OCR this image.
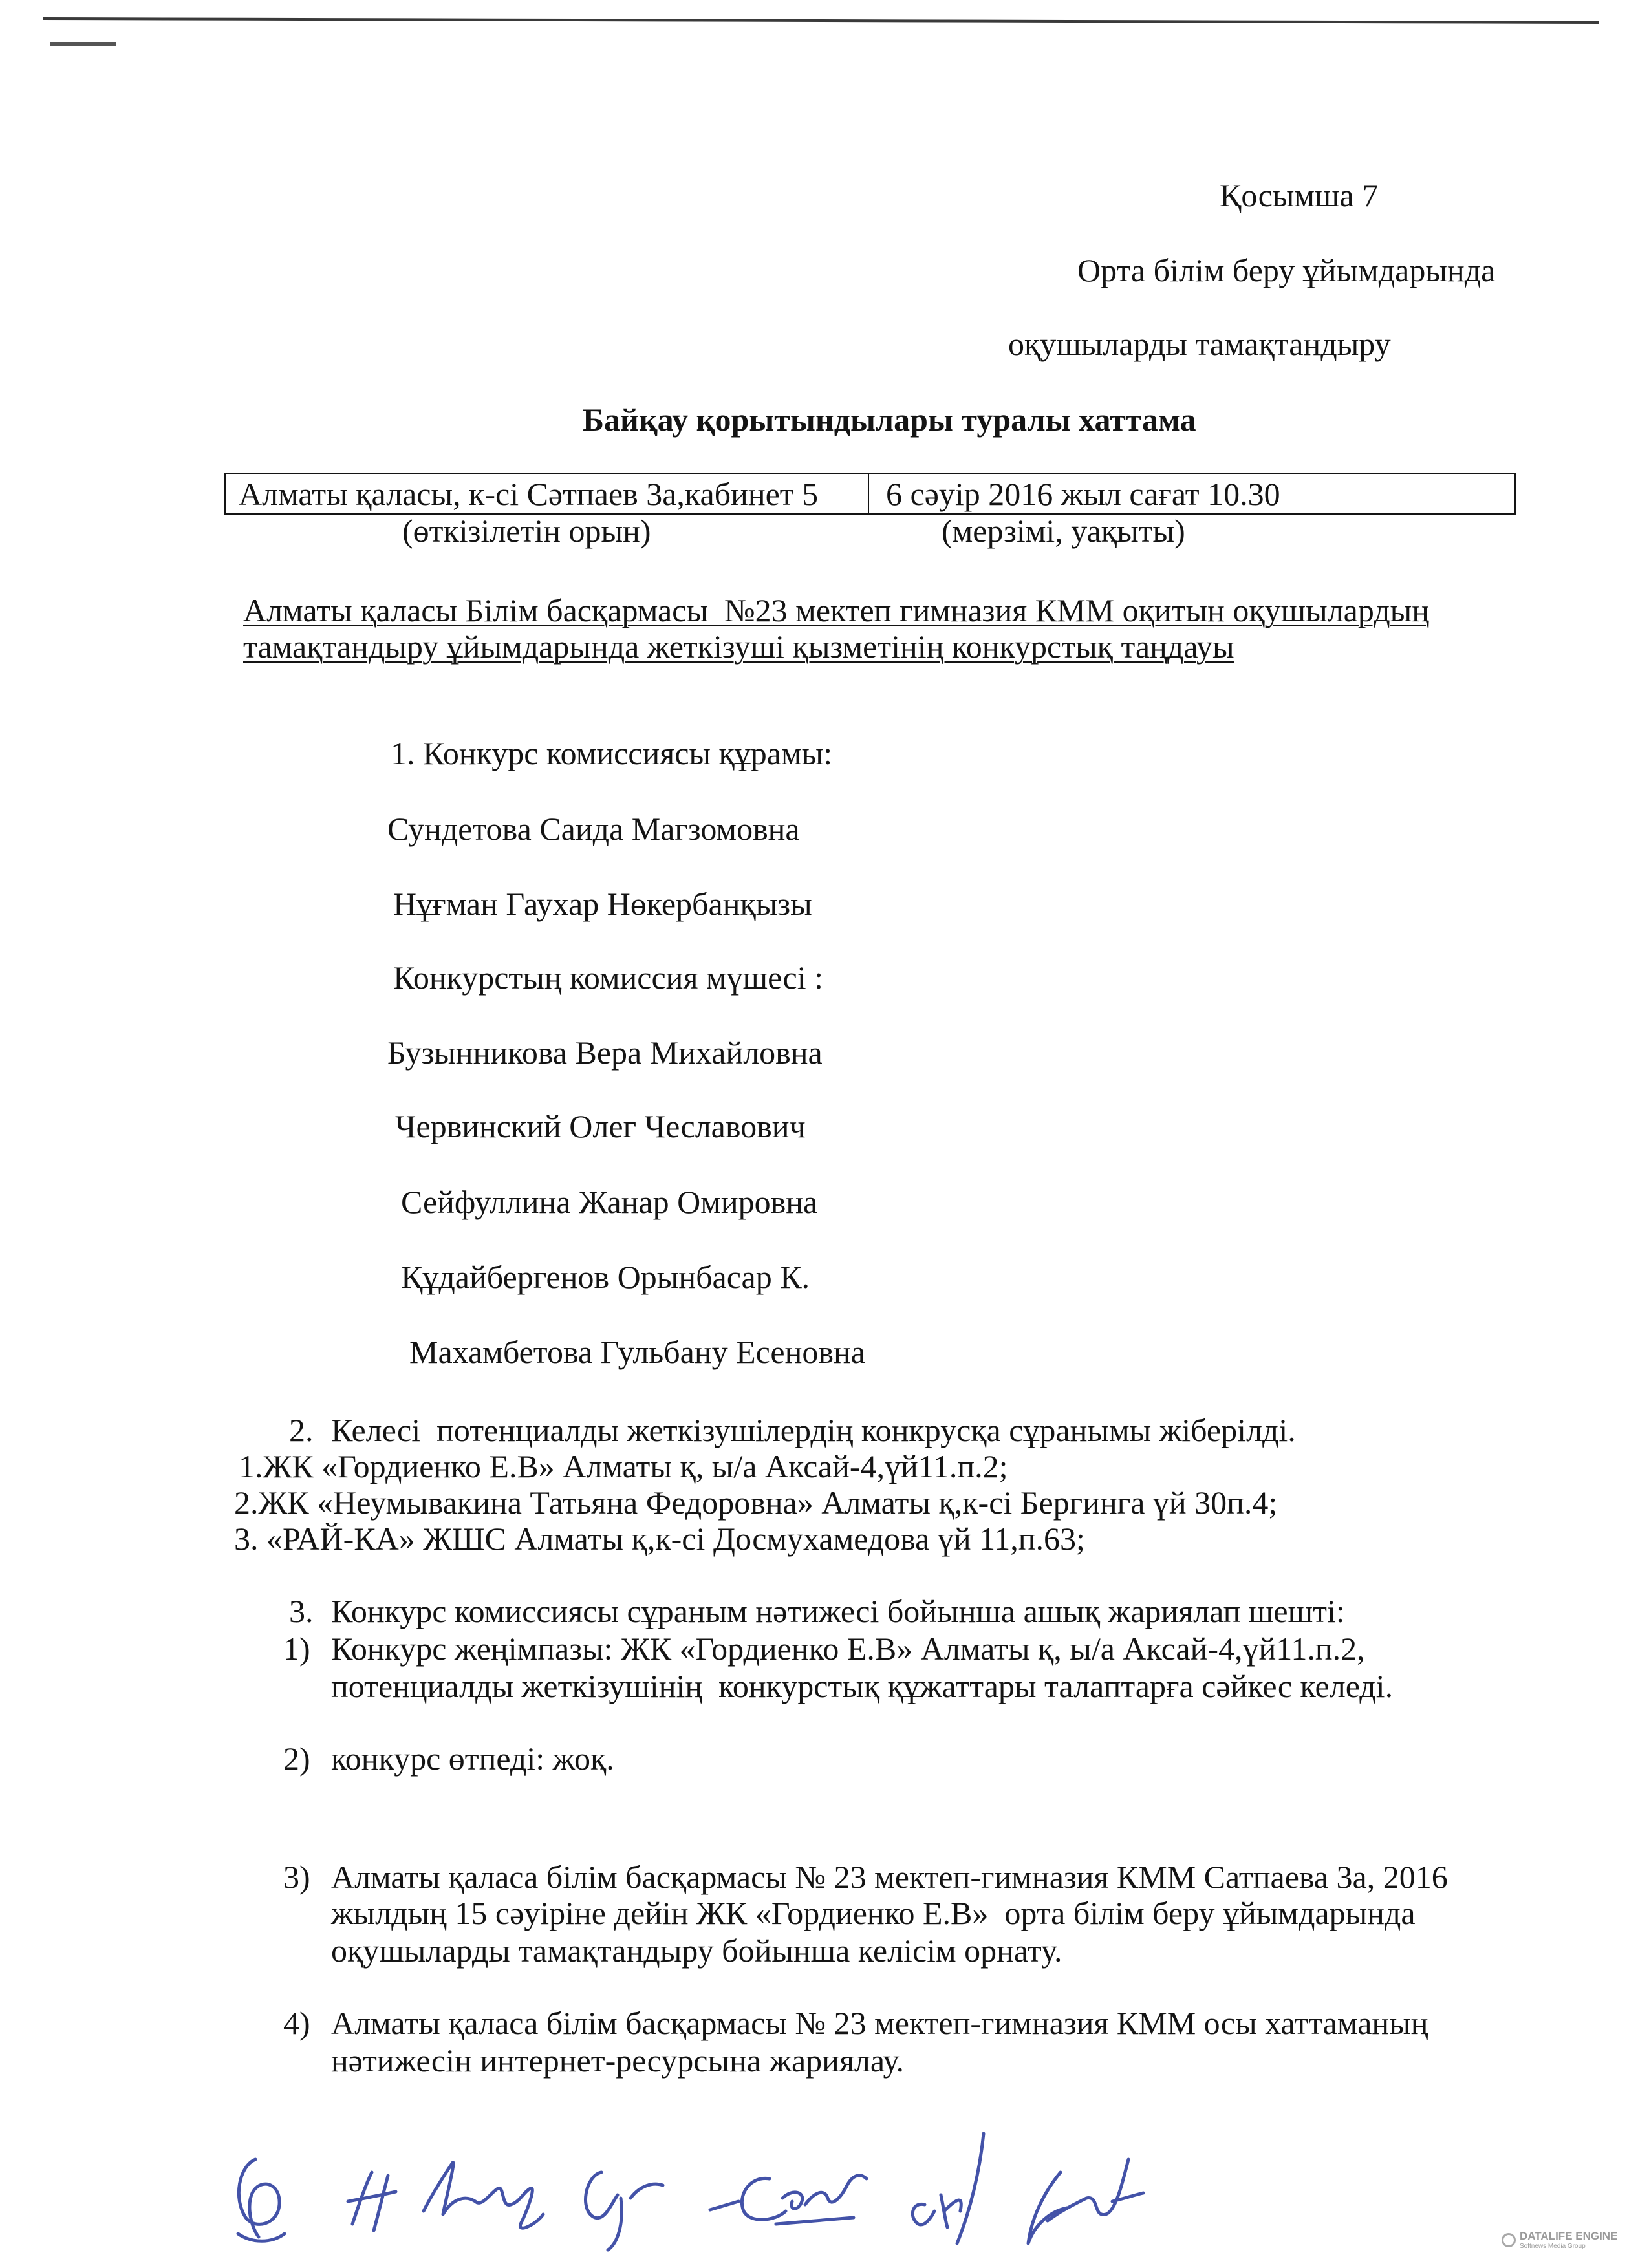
Қосымша 7
Орта білім беру ұйымдарында
оқушыларды тамақтандыру
Байқау қорытындылары туралы хаттама
Алматы қаласы, к-сі Сәтпаев 3а,кабинет 5	6 сәуір 2016 жыл сағат 10.30
(өткізілетін орын)	(мерзімі, уақыты)
Алматы қаласы Білім басқармасы  №23 мектеп гимназия КММ оқитын оқушылардың
тамақтандыру ұйымдарында жеткізуші қызметінің конкурстық таңдауы
1. Конкурс комиссиясы құрамы:
Сундетова Саида Магзомовна
Нұғман Гаухар Нөкербанқызы
Конкурстың комиссия мүшесі :
Бузынникова Вера Михайловна
Червинский Олег Чеславович
Сейфуллина Жанар Омировна
Құдайбергенов Орынбасар К.
Махамбетова Гульбану Есеновна
2. Келесі  потенциалды жеткізушілердің конкрусқа сұранымы жіберілді.
1.ЖК «Гордиенко Е.В» Алматы қ, ы/а Аксай-4,үй11.п.2;
2.ЖК «Неумывакина Татьяна Федоровна» Алматы қ,к-сі Бергинга үй 30п.4;
3. «РАЙ-КА» ЖШС Алматы қ,к-сі Досмухамедова үй 11,п.63;
3. Конкурс комиссиясы сұраным нәтижесі бойынша ашық жариялап шешті:
1) Конкурс жеңімпазы: ЖК «Гордиенко Е.В» Алматы қ, ы/а Аксай-4,үй11.п.2,
потенциалды жеткізушінің  конкурстық құжаттары талаптарға сәйкес келеді.
2) конкурс өтпеді: жоқ.
3) Алматы қаласа білім басқармасы № 23 мектеп-гимназия КММ Сатпаева 3а, 2016
жылдың 15 сәуіріне дейін ЖК «Гордиенко Е.В»  орта білім беру ұйымдарында
оқушыларды тамақтандыру бойынша келісім орнату.
4) Алматы қаласа білім басқармасы № 23 мектеп-гимназия КММ осы хаттаманың
нәтижесін интернет-ресурсына жариялау.
DATALIFE ENGINE
Softnews Media Group
